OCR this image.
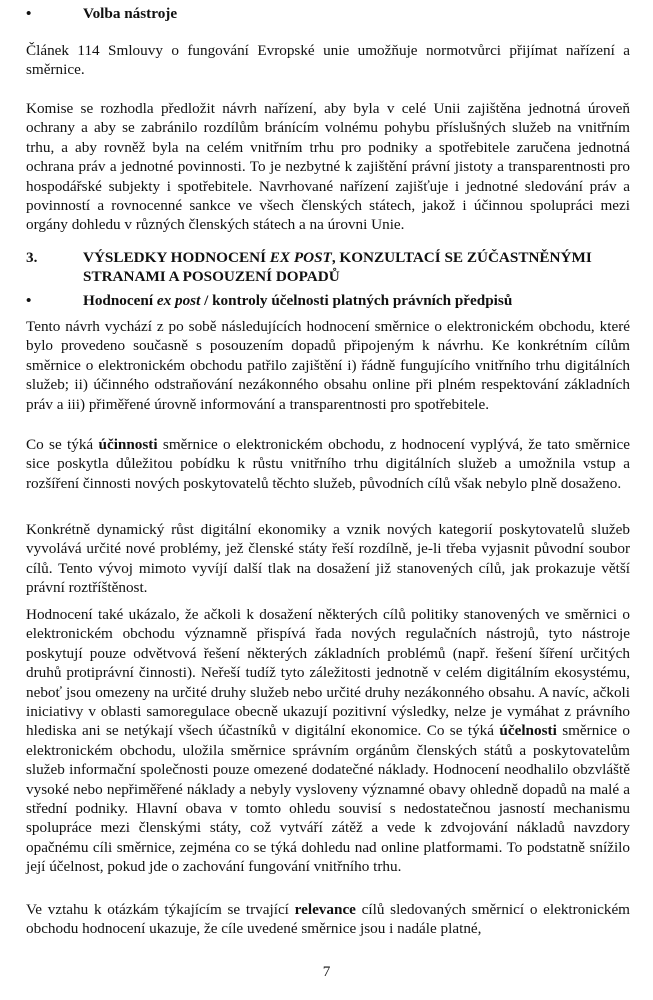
•	Volba nástroje

Článek 114 Smlouvy o fungování Evropské unie umožňuje normotvůrci přijímat nařízení a směrnice.

Komise se rozhodla předložit návrh nařízení, aby byla v celé Unii zajištěna jednotná úroveň ochrany a aby se zabránilo rozdílům bránícím volnému pohybu příslušných služeb na vnitřním trhu, a aby rovněž byla na celém vnitřním trhu pro podniky a spotřebitele zaručena jednotná ochrana práv a jednotné povinnosti. To je nezbytné k zajištění právní jistoty a transparentnosti pro hospodářské subjekty i spotřebitele. Navrhované nařízení zajišťuje i jednotné sledování práv a povinností a rovnocenné sankce ve všech členských státech, jakož i účinnou spolupráci mezi orgány dohledu v různých členských státech a na úrovni Unie.

3.	VÝSLEDKY HODNOCENÍ EX POST, KONZULTACÍ SE ZÚČASTNĚNÝMI STRANAMI A POSOUZENÍ DOPADŮ
•	Hodnocení ex post / kontroly účelnosti platných právních předpisů

Tento návrh vychází z po sobě následujících hodnocení směrnice o elektronickém obchodu, které bylo provedeno současně s posouzením dopadů připojeným k návrhu. Ke konkrétním cílům směrnice o elektronickém obchodu patřilo zajištění i) řádně fungujícího vnitřního trhu digitálních služeb; ii) účinného odstraňování nezákonného obsahu online při plném respektování základních práv a iii) přiměřené úrovně informování a transparentnosti pro spotřebitele.

Co se týká účinnosti směrnice o elektronickém obchodu, z hodnocení vyplývá, že tato směrnice sice poskytla důležitou pobídku k růstu vnitřního trhu digitálních služeb a umožnila vstup a rozšíření činnosti nových poskytovatelů těchto služeb, původních cílů však nebylo plně dosaženo.

Konkrétně dynamický růst digitální ekonomiky a vznik nových kategorií poskytovatelů služeb vyvolává určité nové problémy, jež členské státy řeší rozdílně, je-li třeba vyjasnit původní soubor cílů. Tento vývoj mimoto vyvíjí další tlak na dosažení již stanovených cílů, jak prokazuje větší právní roztříštěnost.

Hodnocení také ukázalo, že ačkoli k dosažení některých cílů politiky stanovených ve směrnici o elektronickém obchodu významně přispívá řada nových regulačních nástrojů, tyto nástroje poskytují pouze odvětvová řešení některých základních problémů (např. řešení šíření určitých druhů protiprávní činnosti). Neřeší tudíž tyto záležitosti jednotně v celém digitálním ekosystému, neboť jsou omezeny na určité druhy služeb nebo určité druhy nezákonného obsahu. A navíc, ačkoli iniciativy v oblasti samoregulace obecně ukazují pozitivní výsledky, nelze je vymáhat z právního hlediska ani se netýkají všech účastníků v digitální ekonomice. Co se týká účelnosti směrnice o elektronickém obchodu, uložila směrnice správním orgánům členských států a poskytovatelům služeb informační společnosti pouze omezené dodatečné náklady. Hodnocení neodhalilo obzvláště vysoké nebo nepřiměřené náklady a nebyly vysloveny významné obavy ohledně dopadů na malé a střední podniky. Hlavní obava v tomto ohledu souvisí s nedostatečnou jasností mechanismu spolupráce mezi členskými státy, což vytváří zátěž a vede k zdvojování nákladů navzdory opačnému cíli směrnice, zejména co se týká dohledu nad online platformami. To podstatně snížilo její účelnost, pokud jde o zachování fungování vnitřního trhu.

Ve vztahu k otázkám týkajícím se trvající relevance cílů sledovaných směrnicí o elektronickém obchodu hodnocení ukazuje, že cíle uvedené směrnice jsou i nadále platné,

7
